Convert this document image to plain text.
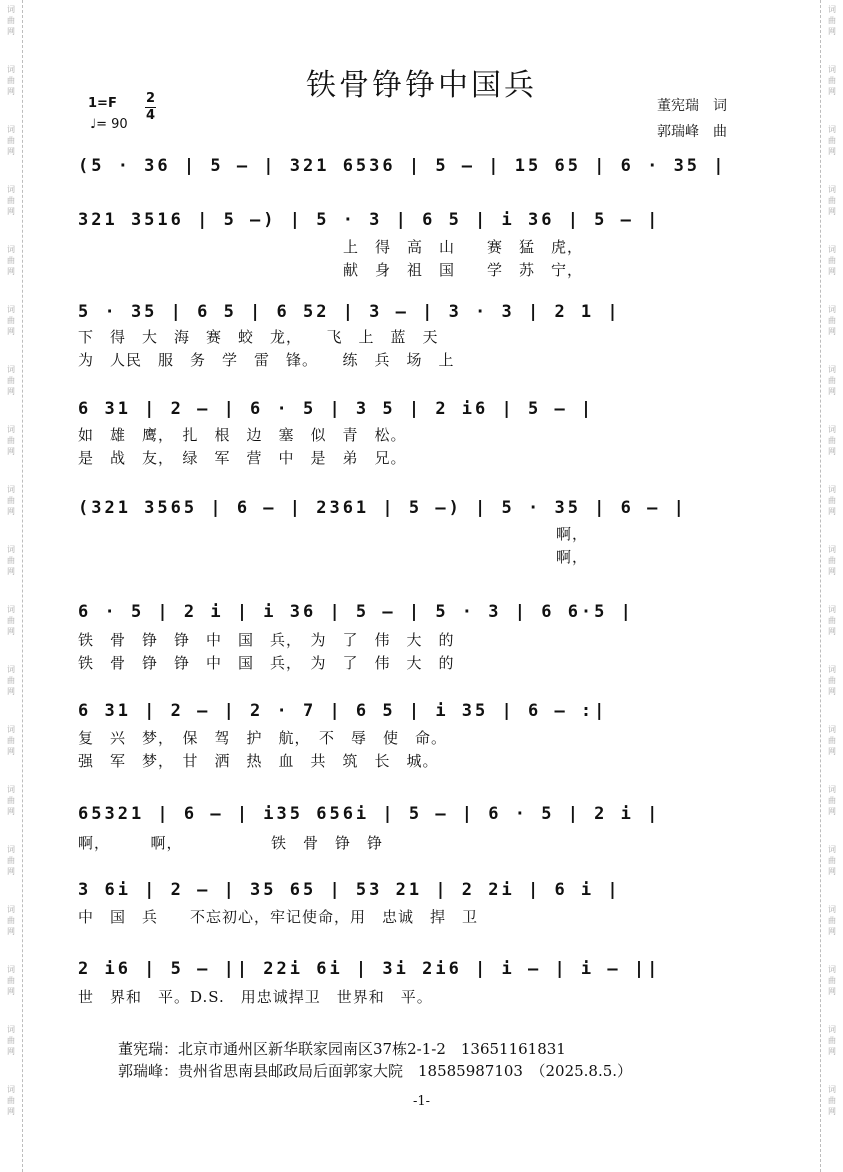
词
曲
网
词
曲
网
词
曲
网
词
曲
网
词
曲
网
词
曲
网
词
曲
网
词
曲
网
词
曲
网
词
曲
网
词
曲
网
词
曲
网
词
曲
网
词
曲
网
词
曲
网
词
曲
网
词
曲
网
词
曲
网
词
曲
网
词
曲
网
词
曲
网
词
曲
网
词
曲
网
词
曲
网
词
曲
网
词
曲
网
词
曲
网
词
曲
网
词
曲
网
词
曲
网
词
曲
网
词
曲
网
词
曲
网
词
曲
网
词
曲
网
词
曲
网
词
曲
网
词
曲
网
铁骨铮铮中国兵
1=F 2
4
♩= 90
董宪瑞　词
郭瑞峰　曲
(5 · 36 | 5 – | 321 6536 | 5 – | 15 65 | 6 · 35 |
321 3516 | 5 –) | 5 · 3 | 6 5 | i 36 | 5 – |
上　得　高　山　　赛　猛　虎，
献　身　祖　国　　学　苏　宁，
5 · 35 | 6 5 | 6 52 | 3 – | 3 · 3 | 2 1 |
下　得　大　海　赛　蛟　龙，　　飞　上　蓝　天
为　人民　服　务　学　雷　锋。　　练　兵　场　上
6 31 | 2 – | 6 · 5 | 3 5 | 2 i6 | 5 – |
如　雄　鹰，　扎　根　边　塞　似　青　松。
是　战　友，　绿　军　营　中　是　弟　兄。
(321 3565 | 6 – | 2361 | 5 –) | 5 · 35 | 6 – |
啊，
啊，
6 · 5 | 2 i | i 36 | 5 – | 5 · 3 | 6 6·5 |
铁　骨　铮　铮　中　国　兵，　为　了　伟　大　的
铁　骨　铮　铮　中　国　兵，　为　了　伟　大　的
6 31 | 2 – | 2 · 7 | 6 5 | i 35 | 6 – :|
复　兴　梦，　保　驾　护　航，　不　辱　使　命。
强　军　梦，　甘　洒　热　血　共　筑　长　城。
65321 | 6 – | i35 656i | 5 – | 6 · 5 | 2 i |
啊，　　　啊，　　　　　　铁　骨　铮　铮
3 6i | 2 – | 35 65 | 53 21 | 2 2i | 6 i |
中　国　兵　　不忘初心，牢记使命，用　忠诚　捍　卫
2 i6 | 5 – || 22i 6i | 3i 2i6 | i – | i – ||
世　界和　平。D.S.　用忠诚捍卫　世界和　平。
董宪瑞：北京市通州区新华联家园南区37栋2-1-2　13651161831
郭瑞峰：贵州省思南县邮政局后面郭家大院　18585987103　（2025.8.5.）
-1-
